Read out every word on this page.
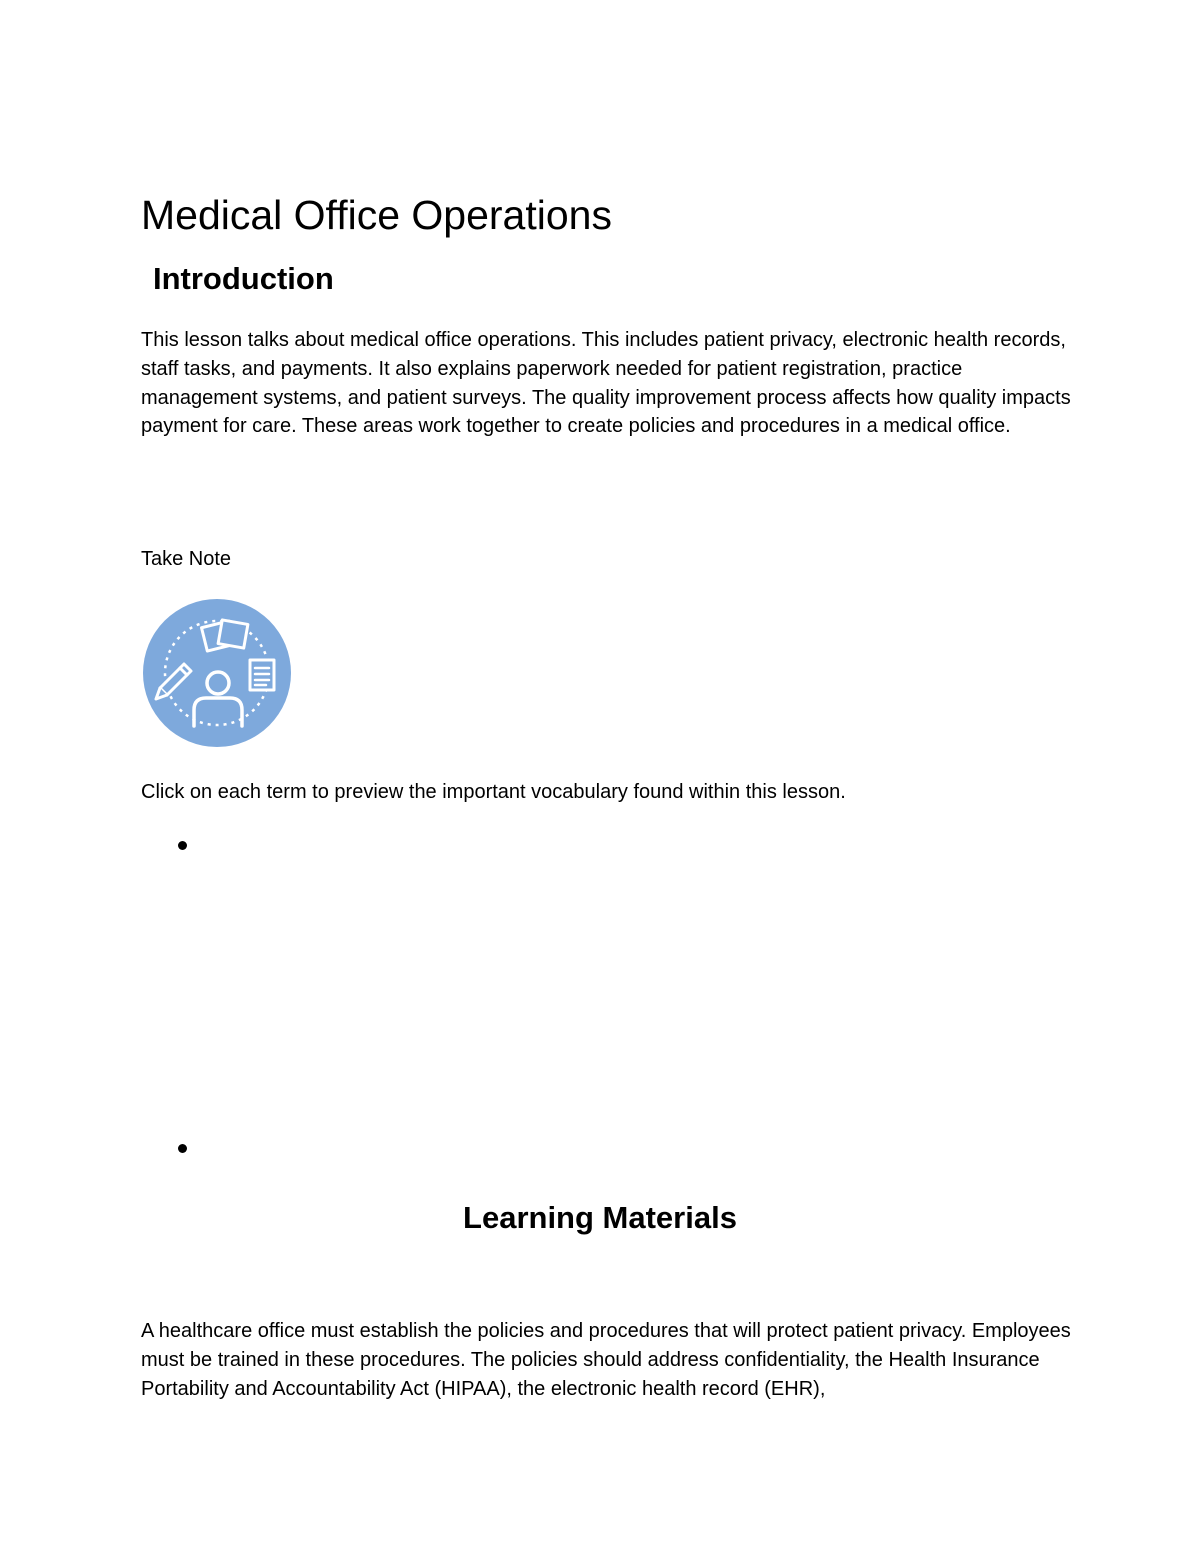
Medical Office Operations
Introduction

This lesson talks about medical office operations. This includes patient privacy, electronic health records, staff tasks, and payments. It also explains paperwork needed for patient registration, practice management systems, and patient surveys. The quality improvement process affects how quality impacts payment for care. These areas work together to create policies and procedures in a medical office.

Take Note

Click on each term to preview the important vocabulary found within this lesson.

Learning Materials

A healthcare office must establish the policies and procedures that will protect patient privacy. Employees must be trained in these procedures. The policies should address confidentiality, the Health Insurance Portability and Accountability Act (HIPAA), the electronic health record (EHR),
